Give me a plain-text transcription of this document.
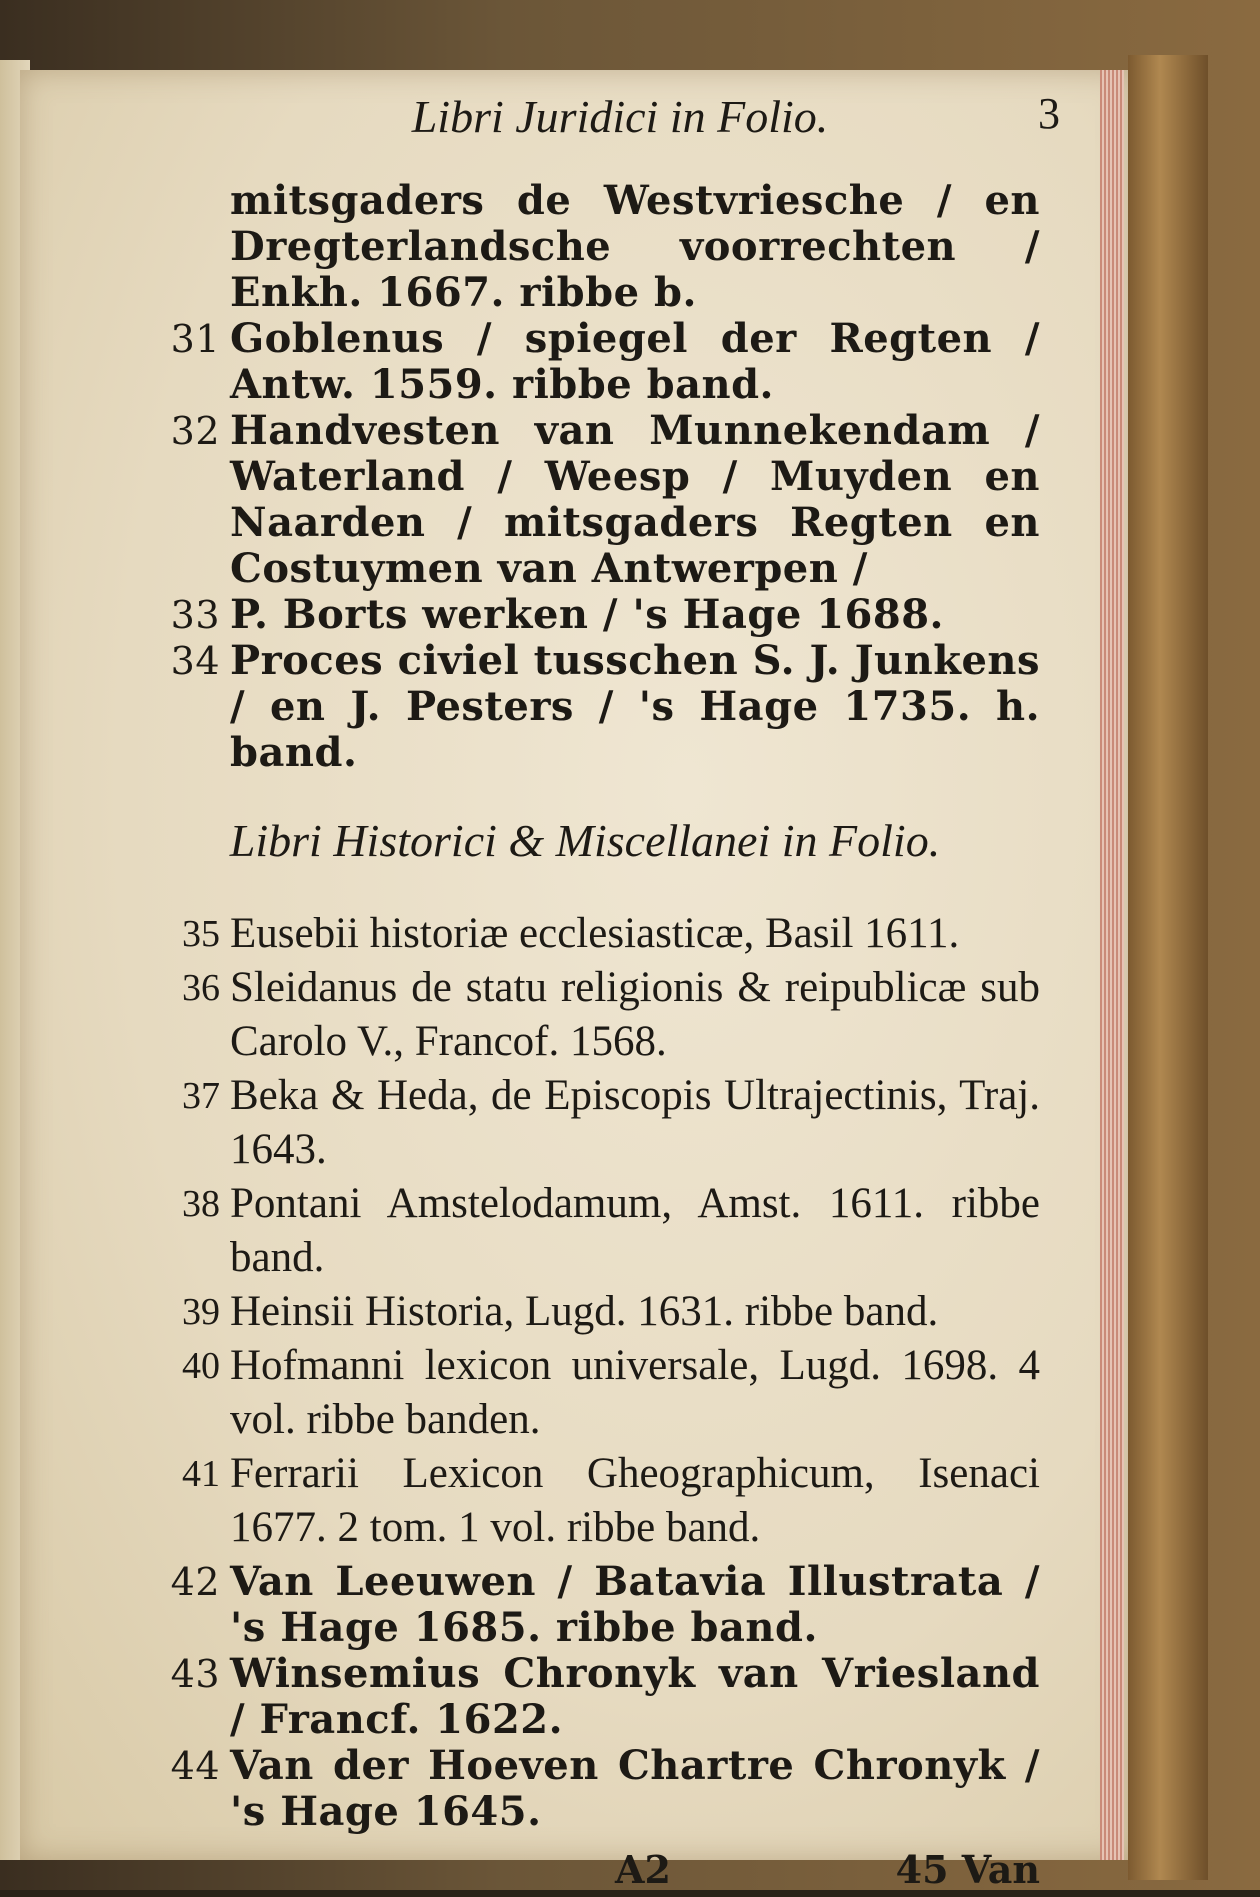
Libri Juridici in Folio.	3
mitsgaders de Westvriesche / en Dregterlandsche voorrechten / Enkh. 1667. ribbe b.
31 Goblenus / spiegel der Regten / Antw. 1559. ribbe band.
32 Handvesten van Munnekendam / Waterland / Weesp / Muyden en Naarden / mitsgaders Regten en Costuymen van Antwerpen /
33 P. Borts werken / 's Hage 1688.
34 Proces civiel tusschen S. J. Junkens / en J. Pesters / 's Hage 1735. h. band.
Libri Historici & Miscellanei in Folio.
35 Eusebii historiæ ecclesiasticæ, Basil 1611.
36 Sleidanus de statu religionis & reipublicæ sub Carolo V., Francof. 1568.
37 Beka & Heda, de Episcopis Ultrajectinis, Traj. 1643.
38 Pontani Amstelodamum, Amst. 1611. ribbe band.
39 Heinsii Historia, Lugd. 1631. ribbe band.
40 Hofmanni lexicon universale, Lugd. 1698. 4 vol. ribbe banden.
41 Ferrarii Lexicon Gheographicum, Isenaci 1677. 2 tom. 1 vol. ribbe band.
42 Van Leeuwen / Batavia Illustrata / 's Hage 1685. ribbe band.
43 Winsemius Chronyk van Vriesland / Francf. 1622.
44 Van der Hoeven Chartre Chronyk / 's Hage 1645.
A2	45 Van
